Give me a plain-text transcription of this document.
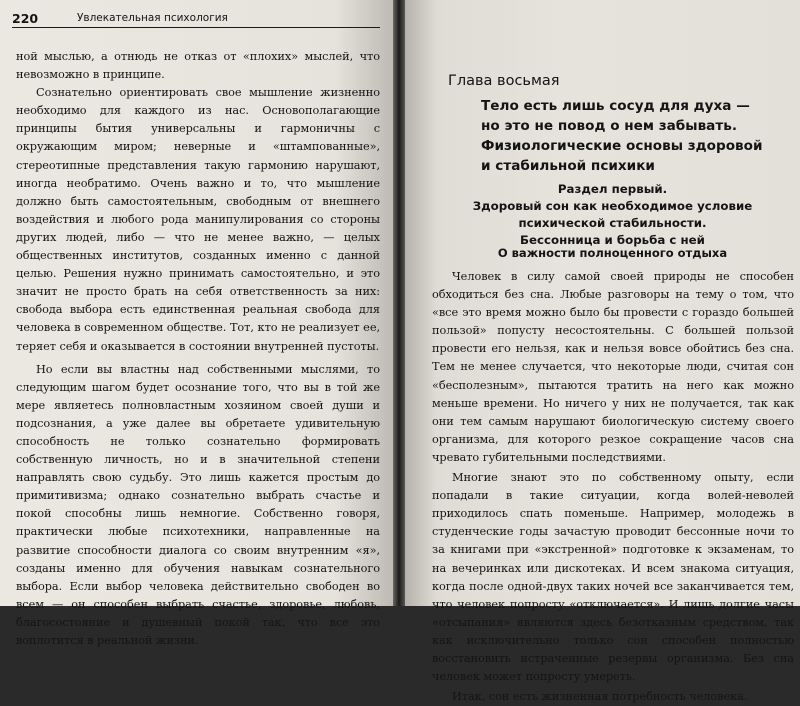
220	Увлекательная психология

ной мыслью, а отнюдь не отказ от «плохих» мыслей, что невозможно в принципе.

Сознательно ориентировать свое мышление жизненно необходимо для каждого из нас. Основополагающие принципы бытия универсальны и гармоничны с окружающим миром; неверные и «штампованные», стереотипные представления такую гармонию нарушают, иногда необратимо. Очень важно и то, что мышление должно быть самостоятельным, свободным от внешнего воздействия и любого рода манипулирования со стороны других людей, либо — что не менее важно, — целых общественных институтов, созданных именно с данной целью. Решения нужно принимать самостоятельно, и это значит не просто брать на себя ответственность за них: свобода выбора есть единственная реальная свобода для человека в современном обществе. Тот, кто не реализует ее, теряет себя и оказывается в состоянии внутренней пустоты.

Но если вы властны над собственными мыслями, то следующим шагом будет осознание того, что вы в той же мере являетесь полновластным хозяином своей души и подсознания, а уже далее вы обретаете удивительную способность не только сознательно формировать собственную личность, но и в значительной степени направлять свою судьбу. Это лишь кажется простым до примитивизма; однако сознательно выбрать счастье и покой способны лишь немногие. Собственно говоря, практически любые психотехники, направленные на развитие способности диалога со своим внутренним «я», созданы именно для обучения навыкам сознательного выбора. Если выбор человека действительно свободен во всем — он способен выбрать счастье, здоровье, любовь, благосостояние и душевный покой так, что все это воплотится в реальной жизни.

Глава восьмая
Тело есть лишь сосуд для духа —
но это не повод о нем забывать.
Физиологические основы здоровой
и стабильной психики
Раздел первый.
Здоровый сон как необходимое условие
психической стабильности.
Бессонница и борьба с ней
О важности полноценного отдыха

Человек в силу самой своей природы не способен обходиться без сна. Любые разговоры на тему о том, что «все это время можно было бы провести с гораздо большей пользой» попусту несостоятельны. С большей пользой провести его нельзя, как и нельзя вовсе обойтись без сна. Тем не менее случается, что некоторые люди, считая сон «бесполезным», пытаются тратить на него как можно меньше времени. Но ничего у них не получается, так как они тем самым нарушают биологическую систему своего организма, для которого резкое сокращение часов сна чревато губительными последствиями.

Многие знают это по собственному опыту, если попадали в такие ситуации, когда волей-неволей приходилось спать поменьше. Например, молодежь в студенческие годы зачастую проводит бессонные ночи то за книгами при «экстренной» подготовке к экзаменам, то на вечеринках или дискотеках. И всем знакома ситуация, когда после одной-двух таких ночей все заканчивается тем, что человек попросту «отключается». И лишь долгие часы «отсыпания» являются здесь безотказным средством, так как исключительно только сон способен полностью восстановить истраченные резервы организма. Без сна человек может попросту умереть.

Итак, сон есть жизненная потребность человека.
